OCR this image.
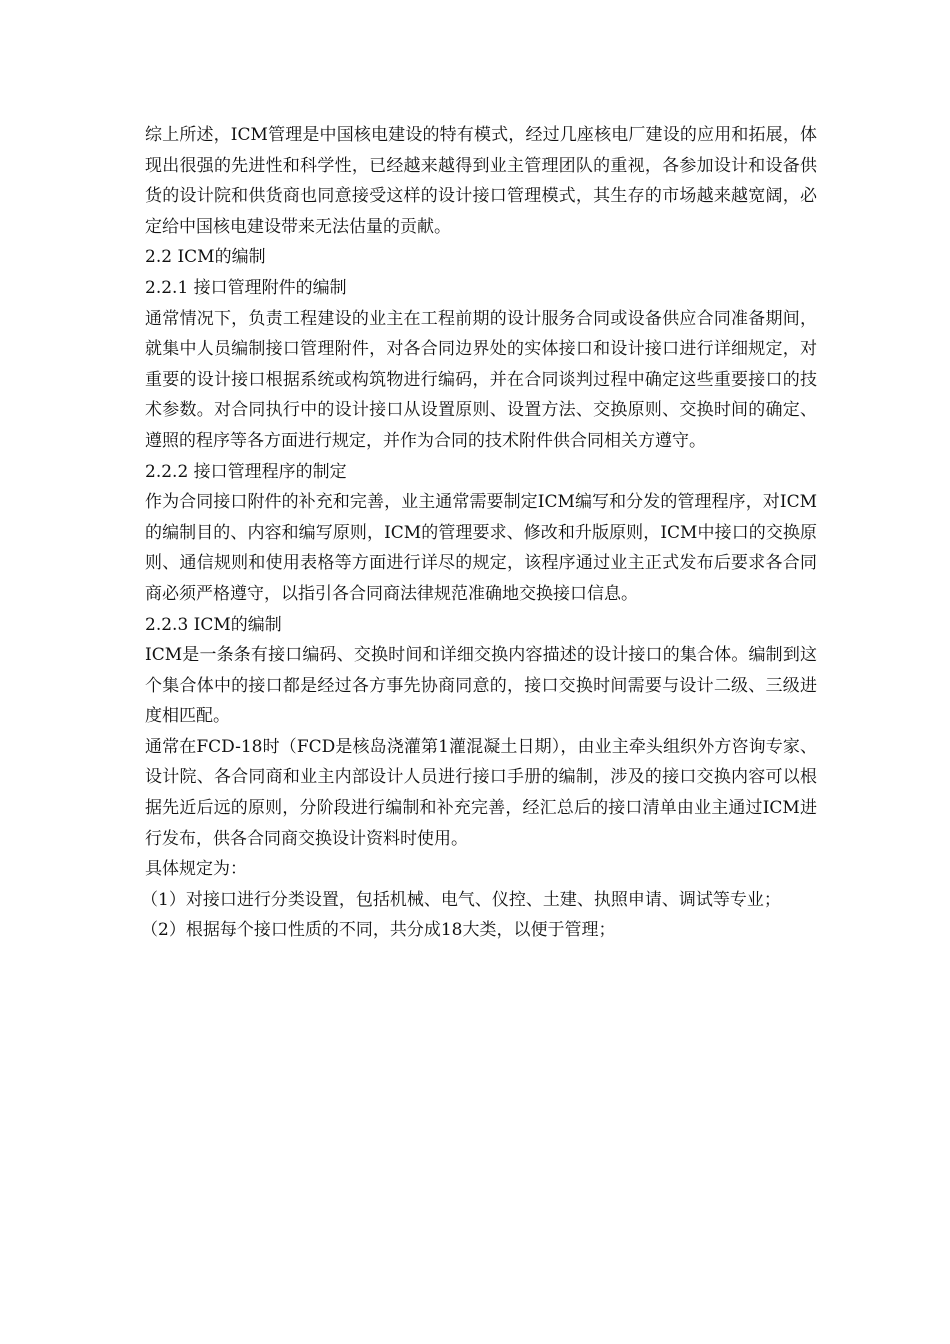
综上所述，ICM管理是中国核电建设的特有模式，经过几座核电厂建设的应用和拓展，体现出很强的先进性和科学性，已经越来越得到业主管理团队的重视，各参加设计和设备供货的设计院和供货商也同意接受这样的设计接口管理模式，其生存的市场越来越宽阔，必定给中国核电建设带来无法估量的贡献。

2.2 ICM的编制

2.2.1 接口管理附件的编制

通常情况下，负责工程建设的业主在工程前期的设计服务合同或设备供应合同准备期间，就集中人员编制接口管理附件，对各合同边界处的实体接口和设计接口进行详细规定，对重要的设计接口根据系统或构筑物进行编码，并在合同谈判过程中确定这些重要接口的技术参数。对合同执行中的设计接口从设置原则、设置方法、交换原则、交换时间的确定、遵照的程序等各方面进行规定，并作为合同的技术附件供合同相关方遵守。

2.2.2 接口管理程序的制定

作为合同接口附件的补充和完善，业主通常需要制定ICM编写和分发的管理程序，对ICM的编制目的、内容和编写原则，ICM的管理要求、修改和升版原则，ICM中接口的交换原则、通信规则和使用表格等方面进行详尽的规定，该程序通过业主正式发布后要求各合同商必须严格遵守，以指引各合同商法律规范准确地交换接口信息。

2.2.3 ICM的编制

ICM是一条条有接口编码、交换时间和详细交换内容描述的设计接口的集合体。编制到这个集合体中的接口都是经过各方事先协商同意的，接口交换时间需要与设计二级、三级进度相匹配。

通常在FCD-18时（FCD是核岛浇灌第1灌混凝土日期），由业主牵头组织外方咨询专家、设计院、各合同商和业主内部设计人员进行接口手册的编制，涉及的接口交换内容可以根据先近后远的原则，分阶段进行编制和补充完善，经汇总后的接口清单由业主通过ICM进行发布，供各合同商交换设计资料时使用。

具体规定为：

（1）对接口进行分类设置，包括机械、电气、仪控、土建、执照申请、调试等专业；

（2）根据每个接口性质的不同，共分成18大类，以便于管理；
